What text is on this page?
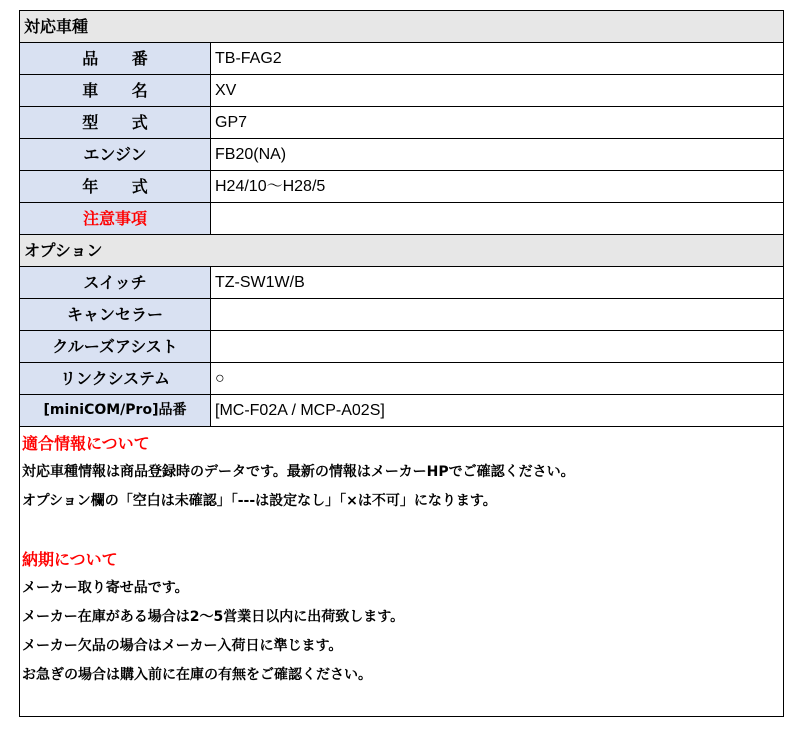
対応車種
品 番	TB-FAG2
車 名	XV
型 式	GP7
エンジン	FB20(NA)
年 式	H24/10〜H28/5
注意事項
オプション
スイッチ	TZ-SW1W/B
キャンセラー
クルーズアシスト
リンクシステム	○
[miniCOM/Pro]品番	[MC-F02A / MCP-A02S]
適合情報について
対応車種情報は商品登録時のデータです。最新の情報はメーカーHPでご確認ください。
オプション欄の「空白は未確認」「---は設定なし」「×は不可」になります。
納期について
メーカー取り寄せ品です。
メーカー在庫がある場合は2〜5営業日以内に出荷致します。
メーカー欠品の場合はメーカー入荷日に準じます。
お急ぎの場合は購入前に在庫の有無をご確認ください。
